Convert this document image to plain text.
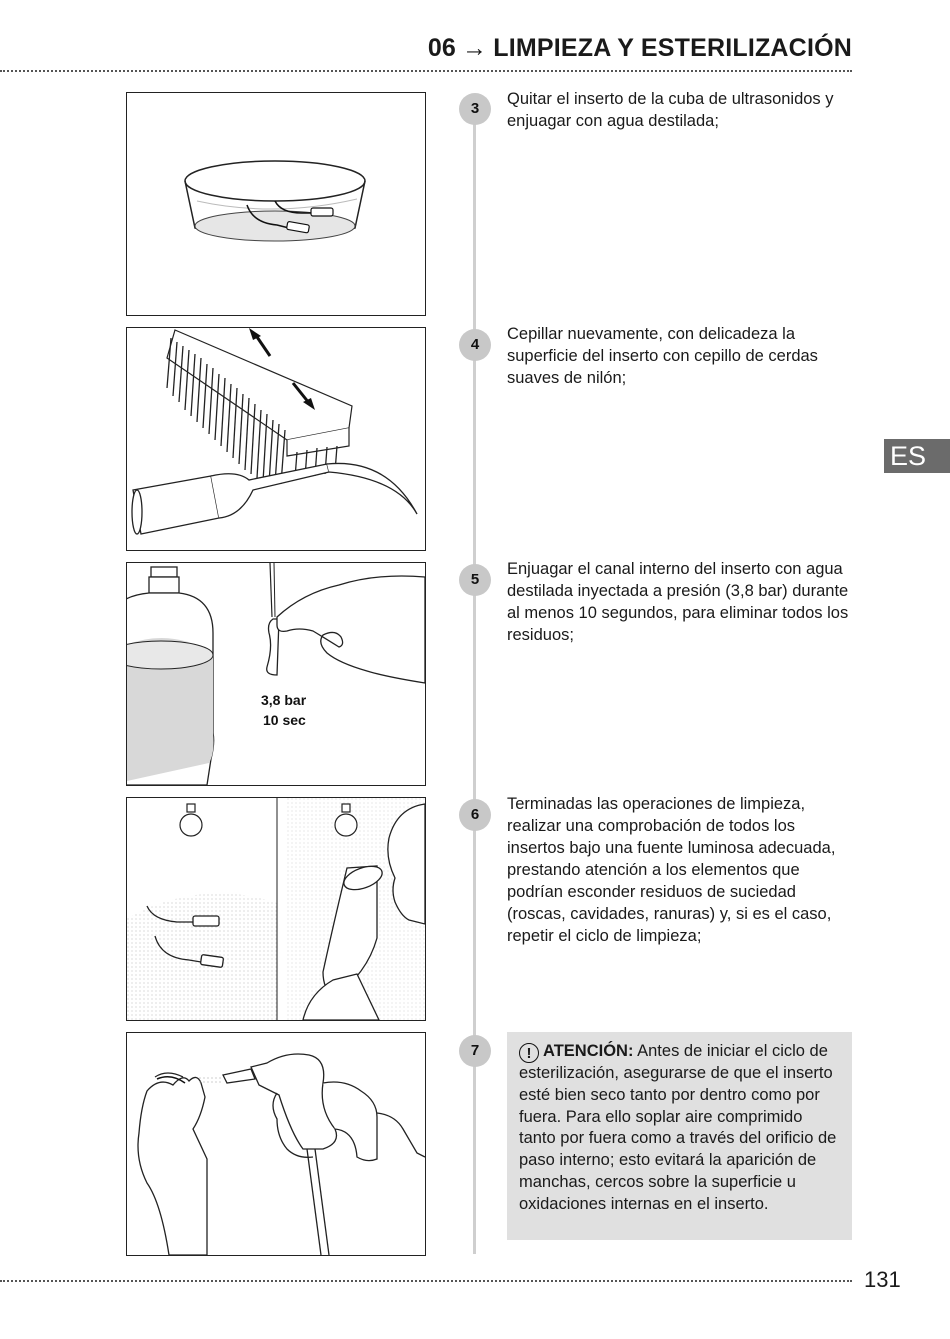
06 → LIMPIEZA Y ESTERILIZACIÓN
ES
3
Quitar el inserto de la cuba de ultrasonidos y enjuagar con agua destilada;
4
Cepillar nuevamente, con delicadeza la superficie del inserto con cepillo de cerdas suaves de nilón;
3,8 bar
10 sec
5
Enjuagar el canal interno del inserto con agua destilada inyectada a presión (3,8 bar) durante al menos 10 segundos, para eliminar todos los residuos;
6
Terminadas las operaciones de limpieza, realizar una comprobación de todos los insertos bajo una fuente luminosa adecuada, prestando atención a los elementos que podrían esconder residuos de suciedad (roscas, cavidades, ranuras) y, si es el caso, repetir el ciclo de limpieza;
7	! ATENCIÓN: Antes de iniciar el ciclo de esterilización, asegurarse de que el inserto esté bien seco tanto por dentro como por fuera. Para ello soplar aire comprimido tanto por fuera como a través del orificio de paso interno; esto evitará la aparición de manchas, cercos sobre la superficie u oxidaciones internas en el inserto.
131
